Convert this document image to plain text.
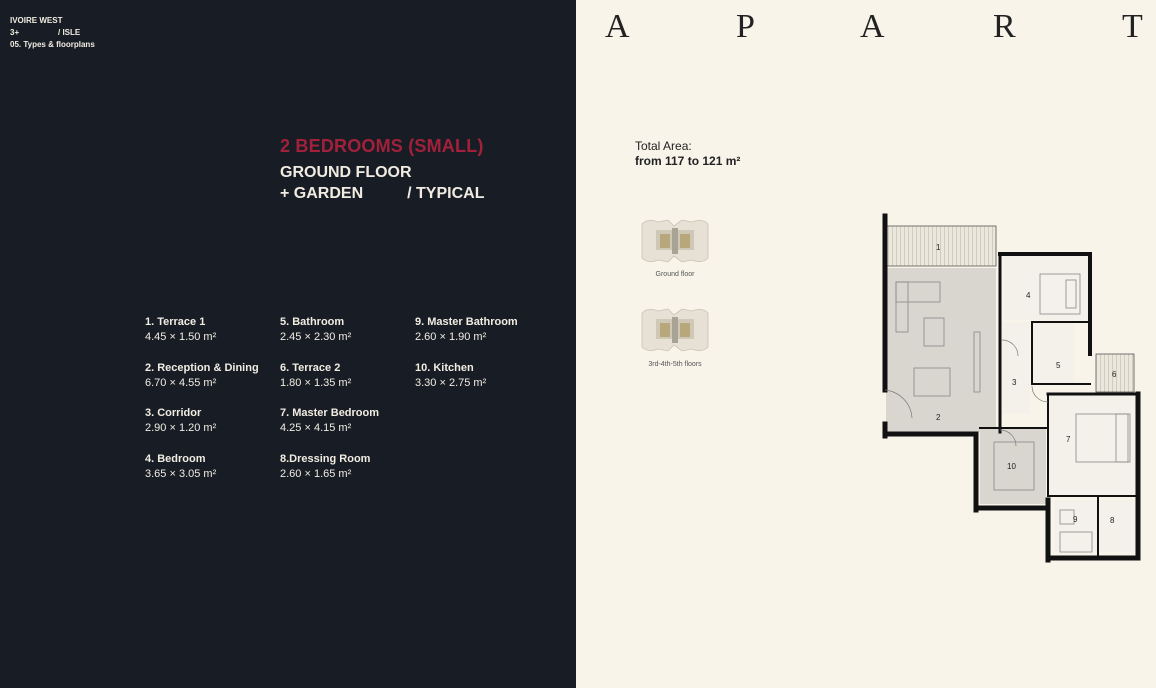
IVOIRE WEST
3+	/ ISLE
05. Types & floorplans
2 BEDROOMS (SMALL)
GROUND FLOOR
+ GARDEN	/ TYPICAL
1. Terrace 1
4.45 × 1.50 m²
2. Reception & Dining
6.70 × 4.55 m²
3. Corridor
2.90 × 1.20 m²
4. Bedroom
3.65 × 3.05 m²
5. Bathroom
2.45 × 2.30 m²
6. Terrace 2
1.80 × 1.35 m²
7. Master Bedroom
4.25 × 4.15 m²
8.Dressing Room
2.60 × 1.65 m²
9. Master Bathroom
2.60 × 1.90 m²
10. Kitchen
3.30 × 2.75 m²
A	P	A	R	T
Total Area:
from 117 to 121 m²
Ground floor
3rd-4th-5th floors
1
2
3
4
5
6
7
8
9
10
